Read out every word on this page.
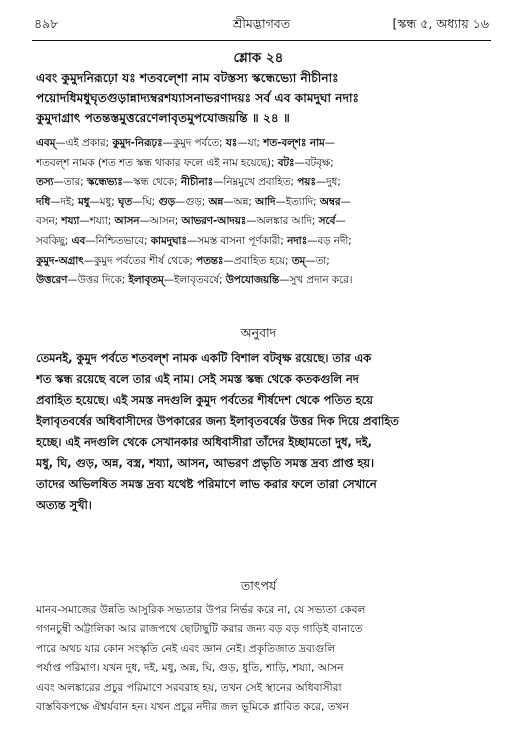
৪৯৮	শ্রীমদ্ভাগবত	[স্কন্ধ ৫, অধ্যায় ১৬
শ্লোক ২৪
এবং কুমুদনিরূঢ়ো যঃ শতবল্শো নাম বটস্তস্য স্কন্ধেভ্যো নীচীনাঃ
পয়োদধিমধুঘৃতগুড়ান্নাদ্যম্বরশয্যাসনাভরণাদয়ঃ সর্ব এব কামদুঘা নদাঃ
কুমুদাগ্রাৎ পতন্তস্তমুত্তরেণেলাবৃতমুপযোজয়ন্তি ॥ ২৪ ॥
এবম্—এই প্রকার; কুমুদ-নিরূঢ়ঃ—কুমুদ পর্বতে; যঃ—যা; শত-বল্শঃ নাম—
শতবল্শ নামক (শত শত স্কন্ধ থাকার ফলে এই নাম হয়েছে); বটঃ—বটবৃক্ষ;
তস্য—তার; স্কন্ধেভ্যঃ—স্কন্ধ থেকে; নীচীনাঃ—নিম্নমুখে প্রবাহিত; পয়ঃ—দুধ;
দধি—দই; মধু—মধু; ঘৃত—ঘি; গুড়—গুড়; অন্ন—অন্ন; আদি—ইত্যাদি; অম্বর—
বসন; শয্যা—শয্যা; আসন—আসন; আভরণ-আদয়ঃ—অলঙ্কার আদি; সর্বে—
সবকিছু; এব—নিশ্চিতভাবে; কামদুঘাঃ—সমস্ত বাসনা পূর্ণকারী; নদাঃ—বড় নদী;
কুমুদ-অগ্রাৎ—কুমুদ পর্বতের শীর্ষ থেকে; পতন্তঃ—প্রবাহিত হয়ে; তম্—তা;
উত্তরেণ—উত্তর দিকে; ইলাবৃতম্—ইলাবৃতবর্ষে; উপযোজয়ন্তি—সুখ প্রদান করে।
অনুবাদ
তেমনই, কুমুদ পর্বতে শতবল্শ নামক একটি বিশাল বটবৃক্ষ রয়েছে। তার এক
শত স্কন্ধ রয়েছে বলে তার এই নাম। সেই সমস্ত স্কন্ধ থেকে কতকগুলি নদ
প্রবাহিত হয়েছে। এই সমস্ত নদগুলি কুমুদ পর্বতের শীর্ষদেশ থেকে পতিত হয়ে
ইলাবৃতবর্ষের অধিবাসীদের উপকারের জন্য ইলাবৃতবর্ষের উত্তর দিক দিয়ে প্রবাহিত
হচ্ছে। এই নদগুলি থেকে সেখানকার অধিবাসীরা তাঁদের ইচ্ছামতো দুধ, দই,
মধু, ঘি, গুড়, অন্ন, বস্ত্র, শয্যা, আসন, আভরণ প্রভৃতি সমস্ত দ্রব্য প্রাপ্ত হয়।
তাদের অভিলষিত সমস্ত দ্রব্য যথেষ্ট পরিমাণে লাভ করার ফলে তারা সেখানে
অত্যন্ত সুখী।
তাৎপর্য
মানব-সমাজের উন্নতি আসুরিক সভ্যতার উপর নির্ভর করে না, যে সভ্যতা কেবল
গগনচুম্বী অট্টালিকা আর রাজপথে ছোটাছুটি করার জন্য বড় বড় গাড়িই বানাতে
পারে অথচ যার কোন সংস্কৃতি নেই এবং জ্ঞান নেই। প্রকৃতিজাত দ্রব্যগুলি
পর্যাপ্ত পরিমাণ। যখন দুধ, দই, মধু, অন্ন, ঘি, গুড়, ধুতি, শাড়ি, শয্যা, আসন
এবং অলঙ্কারের প্রচুর পরিমাণে সরবরাহ হয়, তখন সেই স্থানের অধিবাসীরা
বাস্তবিকপক্ষে ঐশ্বর্যবান হন। যখন প্রচুর নদীর জল ভূমিকে প্লাবিত করে, তখন
